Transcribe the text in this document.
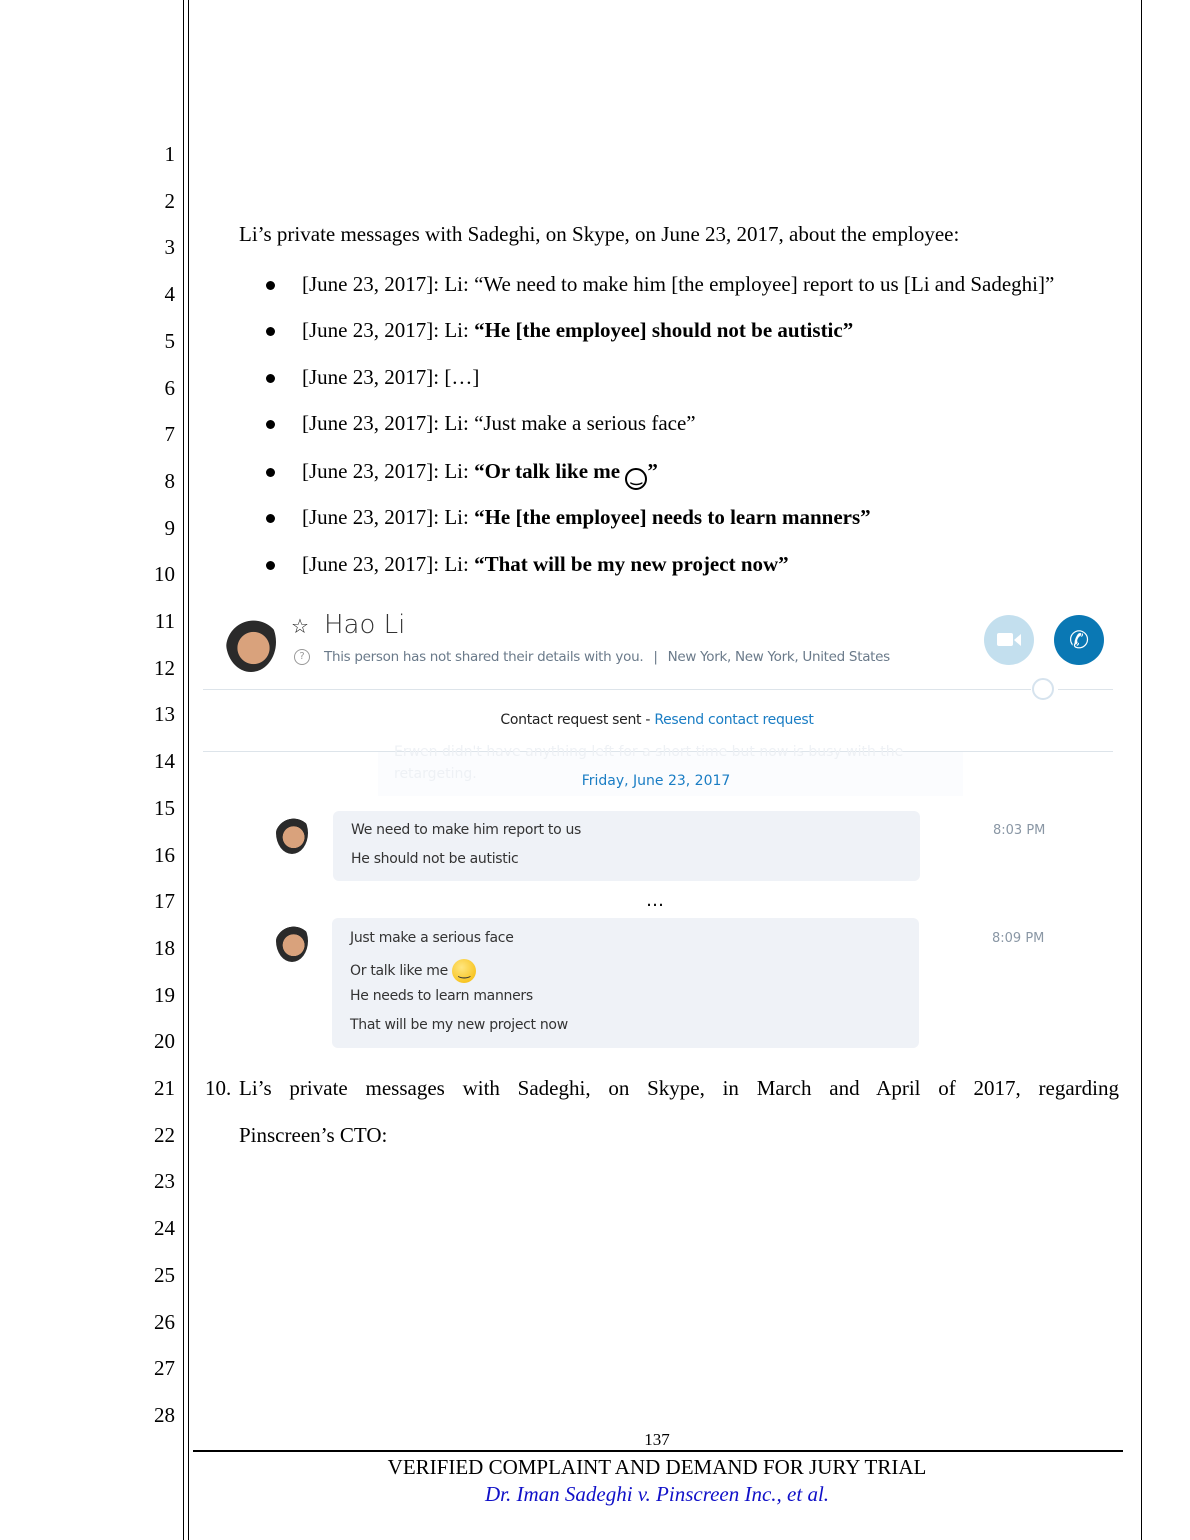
1
2
3
4
5
6
7
8
9
10
11
12
13
14
15
16
17
18
19
20
21
22
23
24
25
26
27
28
Li’s private messages with Sadeghi, on Skype, on June 23, 2017, about the employee:
[June 23, 2017]: Li: “We need to make him [the employee] report to us [Li and Sadeghi]”
[June 23, 2017]: Li: “He [the employee] should not be autistic”
[June 23, 2017]: […]
[June 23, 2017]: Li: “Just make a serious face”
[June 23, 2017]: Li: “Or talk like me ‿ ”
[June 23, 2017]: Li: “He [the employee] needs to learn manners”
[June 23, 2017]: Li: “That will be my new project now”
☆ Hao Li
?	This person has not shared their details with you. | New York, New York, United States
✆
Contact request sent - Resend contact request
Erwen didn't have anything left for a short time but now is busy with the
retargeting.	Friday, June 23, 2017
We need to make him report to us
He should not be autistic
8:03 PM
…
Just make a serious face
Or talk like me ‿
He needs to learn manners
That will be my new project now
8:09 PM
10. Li’s private messages with Sadeghi, on Skype, in March and April of 2017, regarding
Pinscreen’s CTO:
137
VERIFIED COMPLAINT AND DEMAND FOR JURY TRIAL
Dr. Iman Sadeghi v. Pinscreen Inc., et al.
